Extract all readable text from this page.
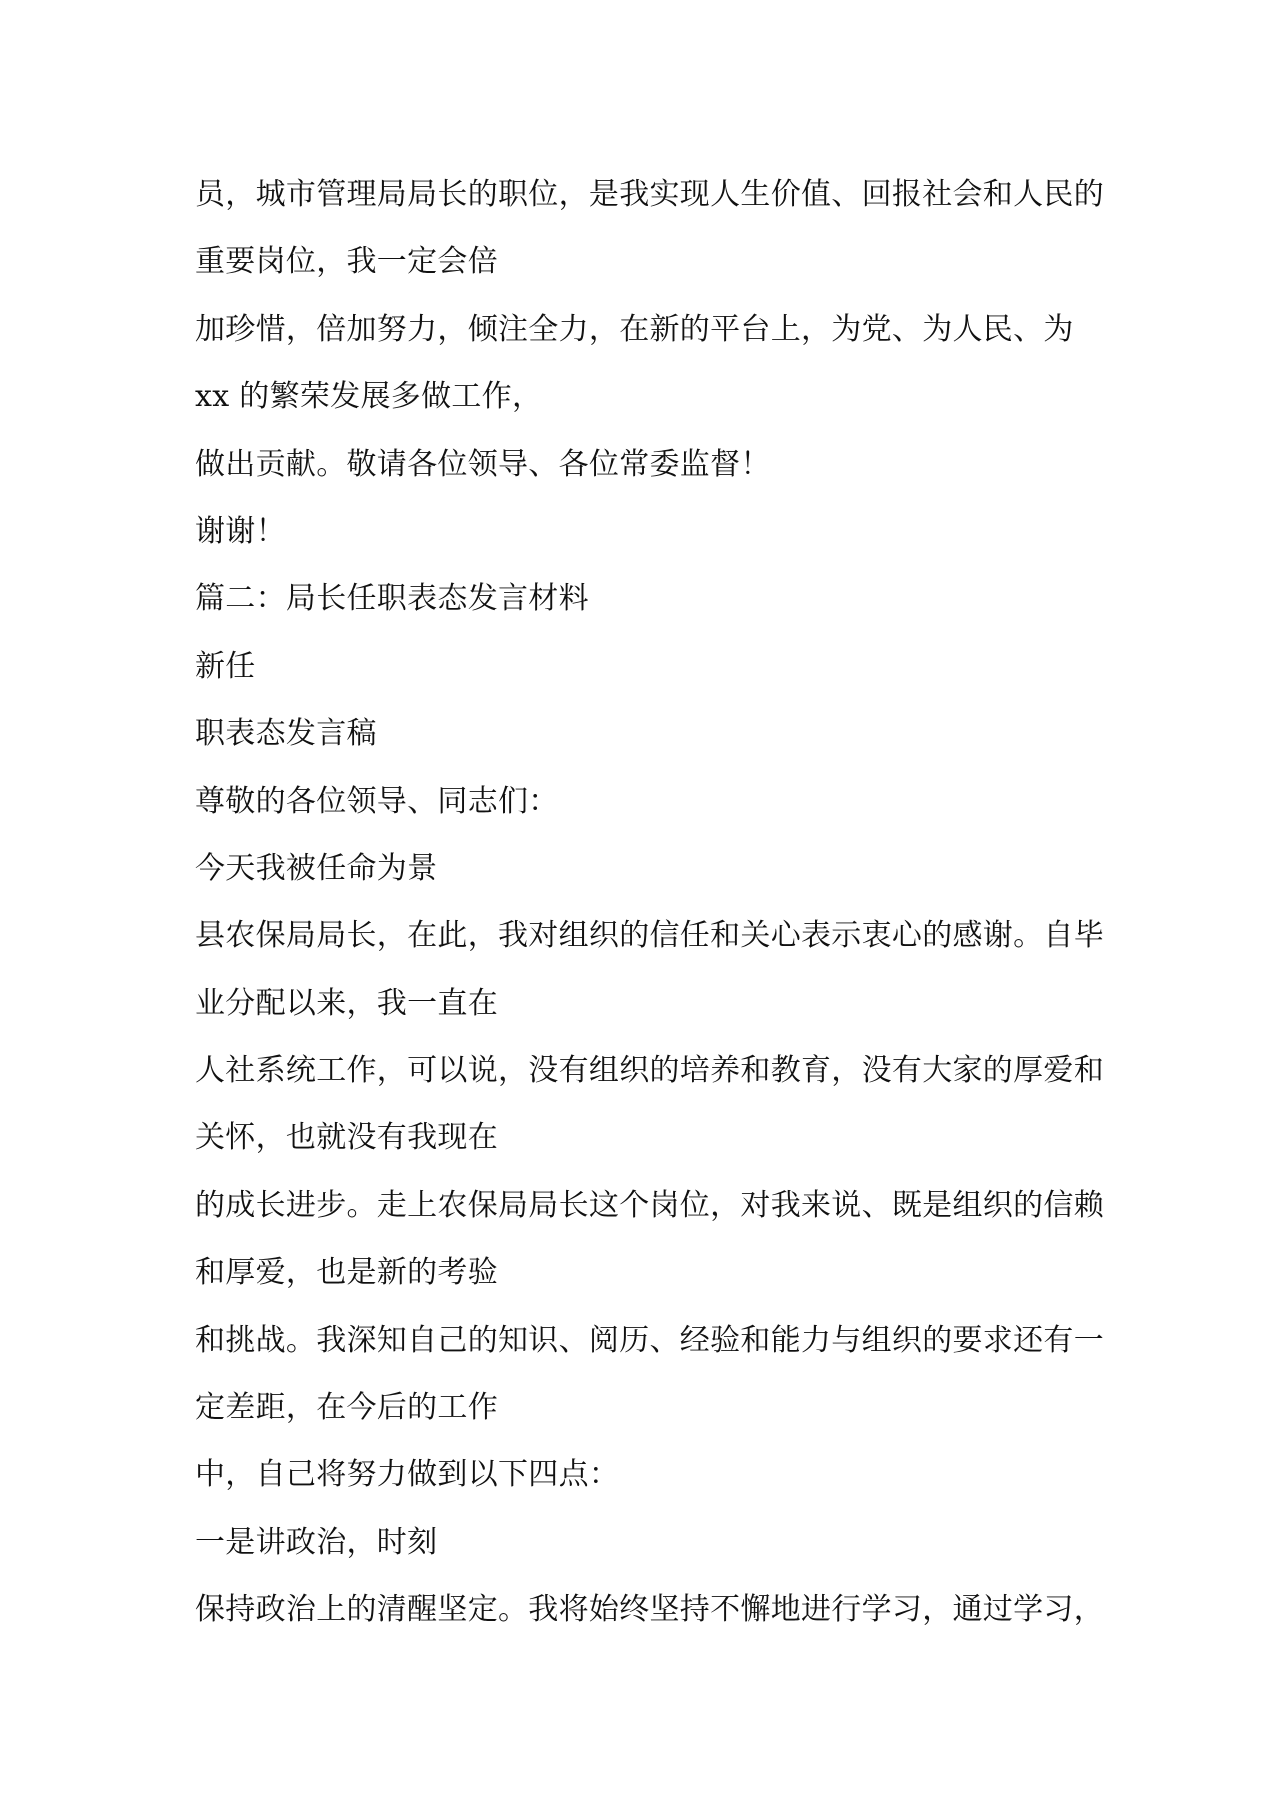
员，城市管理局局长的职位，是我实现人生价值、回报社会和人民的
重要岗位，我一定会倍
加珍惜，倍加努力，倾注全力，在新的平台上，为党、为人民、为
xx 的繁荣发展多做工作，
做出贡献。敬请各位领导、各位常委监督！
谢谢！
篇二：局长任职表态发言材料
新任
职表态发言稿
尊敬的各位领导、同志们：
今天我被任命为景
县农保局局长，在此，我对组织的信任和关心表示衷心的感谢。自毕
业分配以来，我一直在
人社系统工作，可以说，没有组织的培养和教育，没有大家的厚爱和
关怀，也就没有我现在
的成长进步。走上农保局局长这个岗位，对我来说、既是组织的信赖
和厚爱，也是新的考验
和挑战。我深知自己的知识、阅历、经验和能力与组织的要求还有一
定差距，在今后的工作
中，自己将努力做到以下四点：
一是讲政治，时刻
保持政治上的清醒坚定。我将始终坚持不懈地进行学习，通过学习，
